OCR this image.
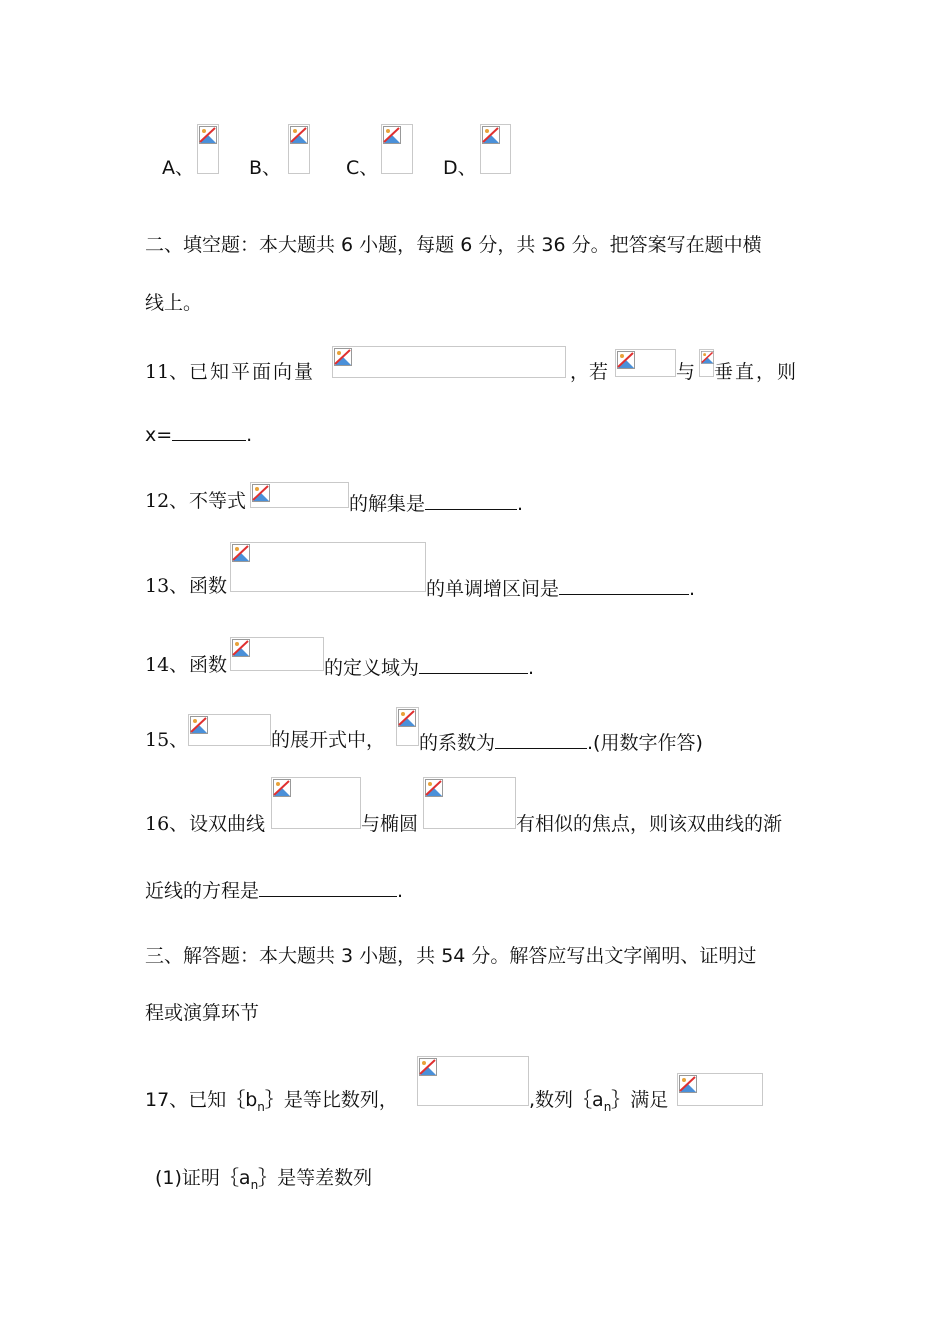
A、	B、	C、	D、
二、填空题：本大题共 6 小题，每题 6 分，共 36 分。把答案写在题中横
线上。
11、 已知平面向量	，若	与 垂直，则
x=	.
12、 不等式	的解集是	.
13、 函数	的单调增区间是	.
14、 函数	的定义域为	.
15、	的展开式中， 的系数为	.(用数字作答)
16、 设双曲线	与椭圆	有相似的焦点，则该双曲线的渐
近线的方程是	.
三、解答题：本大题共 3 小题，共 54 分。解答应写出文字阐明、证明过
程或演算环节
17、已知$\{b_n\}$是等比数列，	,数列$\{a_n\}$满足
(1)证明$\{a_n\}$是等差数列
